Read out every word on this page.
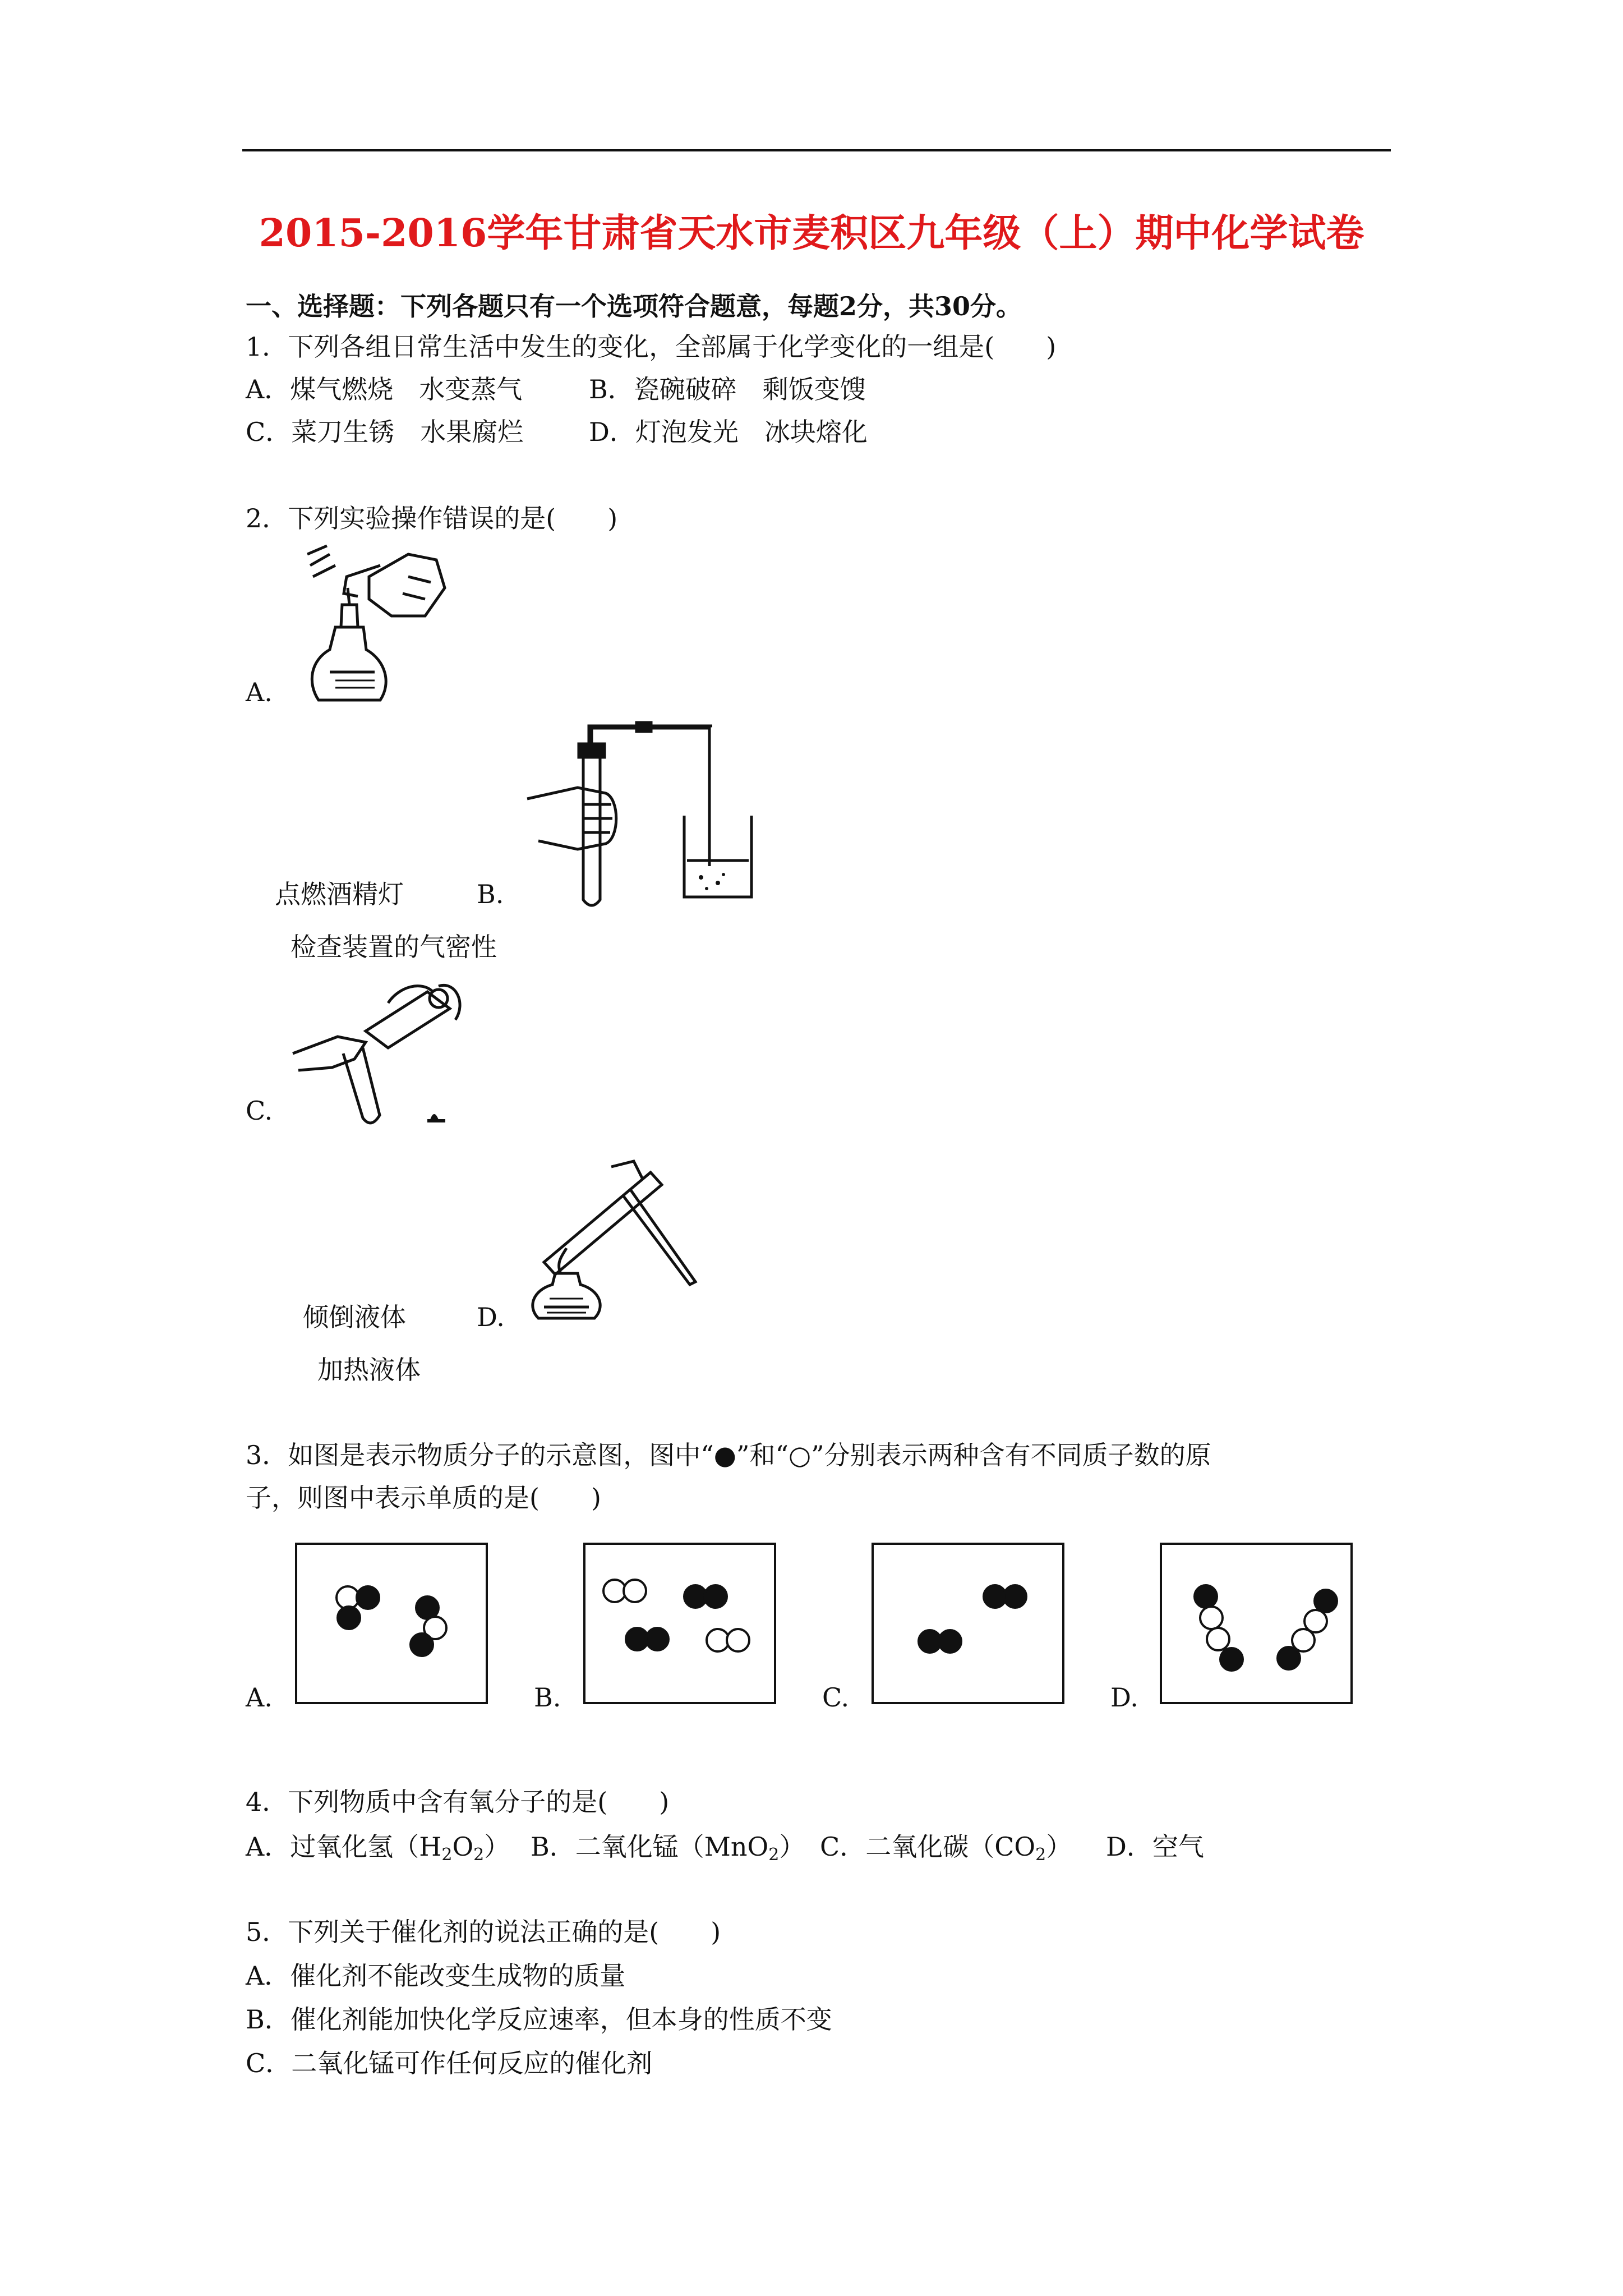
2015-2016学年甘肃省天水市麦积区九年级（上）期中化学试卷
一、选择题：下列各题只有一个选项符合题意，每题2分，共30分。
1．下列各组日常生活中发生的变化，全部属于化学变化的一组是(　　)
A．煤气燃烧　水变蒸气	B．瓷碗破碎　剩饭变馊
C．菜刀生锈　水果腐烂	D．灯泡发光　冰块熔化
2．下列实验操作错误的是(　　)
A.
点燃酒精灯	B.
检查装置的气密性
C.
倾倒液体	D.
加热液体
3．如图是表示物质分子的示意图，图中“●”和“○”分别表示两种含有不同质子数的原
子，则图中表示单质的是(　　)
A.	B.	C.	D.
4．下列物质中含有氧分子的是(　　)
A．过氧化氢$(H_2O_2)$ B．二氧化锰（MnO$_2$） C．二氧化碳$(CO_2)$ D．空气
5．下列关于催化剂的说法正确的是(　　)
A．催化剂不能改变生成物的质量
B．催化剂能加快化学反应速率，但本身的性质不变
C．二氧化锰可作任何反应的催化剂
